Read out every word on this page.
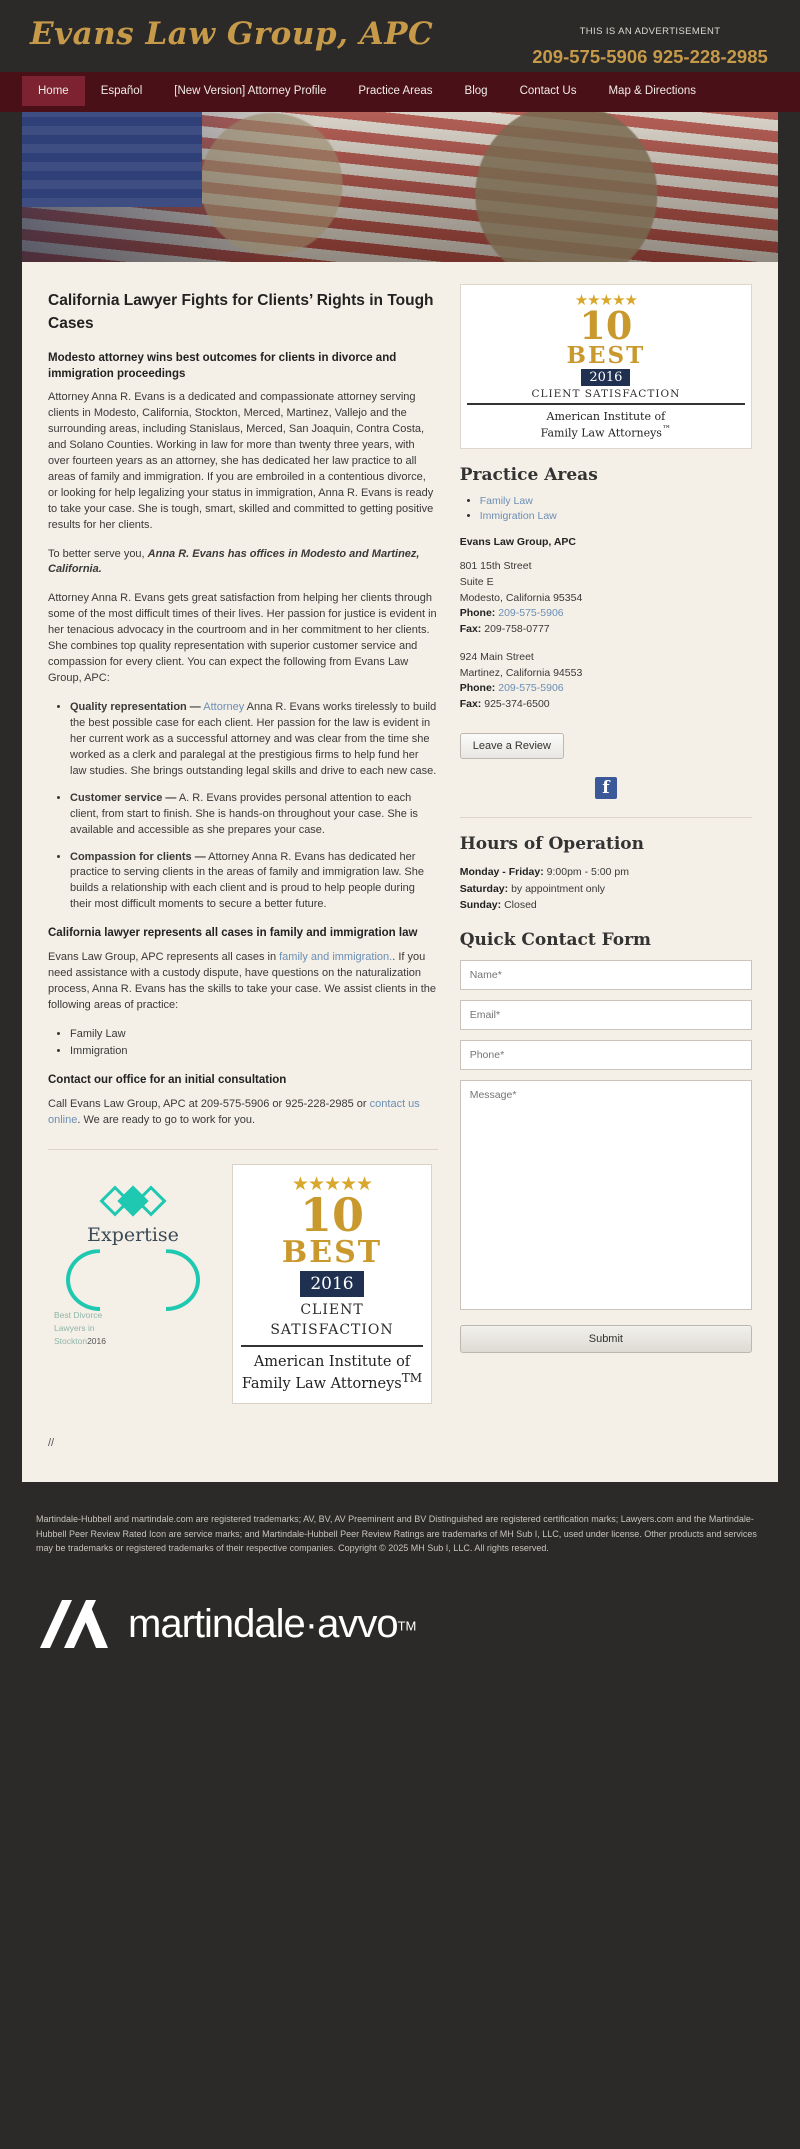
Evans Law Group, APC	THIS IS AN ADVERTISEMENT
209-575-5906 925-228-2985
Home	Español	[New Version] Attorney Profile	Practice Areas	Blog	Contact Us	Map & Directions
California Lawyer Fights for Clients’ Rights in Tough Cases
Modesto attorney wins best outcomes for clients in divorce and immigration proceedings

Attorney Anna R. Evans is a dedicated and compassionate attorney serving clients in Modesto, California, Stockton, Merced, Martinez, Vallejo and the surrounding areas, including Stanislaus, Merced, San Joaquin, Contra Costa, and Solano Counties. Working in law for more than twenty three years, with over fourteen years as an attorney, she has dedicated her law practice to all areas of family and immigration. If you are embroiled in a contentious divorce, or looking for help legalizing your status in immigration, Anna R. Evans is ready to take your case. She is tough, smart, skilled and committed to getting positive results for her clients.

To better serve you, Anna R. Evans has offices in Modesto and Martinez, California.

Attorney Anna R. Evans gets great satisfaction from helping her clients through some of the most difficult times of their lives. Her passion for justice is evident in her tenacious advocacy in the courtroom and in her commitment to her clients. She combines top quality representation with superior customer service and compassion for every client. You can expect the following from Evans Law Group, APC:

• Quality representation — Attorney Anna R. Evans works tirelessly to build the best possible case for each client. Her passion for the law is evident in her current work as a successful attorney and was clear from the time she worked as a clerk and paralegal at the prestigious firms to help fund her law studies. She brings outstanding legal skills and drive to each new case.
• Customer service — A. R. Evans provides personal attention to each client, from start to finish. She is hands-on throughout your case. She is available and accessible as she prepares your case.
• Compassion for clients — Attorney Anna R. Evans has dedicated her practice to serving clients in the areas of family and immigration law. She builds a relationship with each client and is proud to help people during their most difficult moments to secure a better future.
California lawyer represents all cases in family and immigration law

Evans Law Group, APC represents all cases in family and immigration.. If you need assistance with a custody dispute, have questions on the naturalization process, Anna R. Evans has the skills to take your case. We assist clients in the following areas of practice:

• Family Law
• Immigration
Contact our office for an initial consultation

Call Evans Law Group, APC at 209-575-5906 or 925-228-2985 or contact us online. We are ready to go to work for you.

Expertise
Best Divorce
Lawyers in
Stockton2016
★★★★★
10
BEST
2016
CLIENT SATISFACTION
American Institute of
Family Law Attorneys™
//
★★★★★
10
BEST
2016
CLIENT SATISFACTION
American Institute of
Family Law Attorneys™
Practice Areas
• Family Law
• Immigration Law

Evans Law Group, APC

801 15th Street
Suite E
Modesto, California 95354
Phone: 209-575-5906
Fax: 209-758-0777
924 Main Street
Martinez, California 94553
Phone: 209-575-5906
Fax: 925-374-6500
Leave a Review
f
Hours of Operation
Monday - Friday: 9:00pm - 5:00 pm
Saturday: by appointment only
Sunday: Closed
Quick Contact Form
Name* Email* Phone* Message* Submit

Martindale-Hubbell and martindale.com are registered trademarks; AV, BV, AV Preeminent and BV Distinguished are registered certification marks; Lawyers.com and the Martindale-Hubbell Peer Review Rated Icon are service marks; and Martindale-Hubbell Peer Review Ratings are trademarks of MH Sub I, LLC, used under license. Other products and services may be trademarks or registered trademarks of their respective companies. Copyright © 2025 MH Sub I, LLC. All rights reserved.

martindale·avvo™
